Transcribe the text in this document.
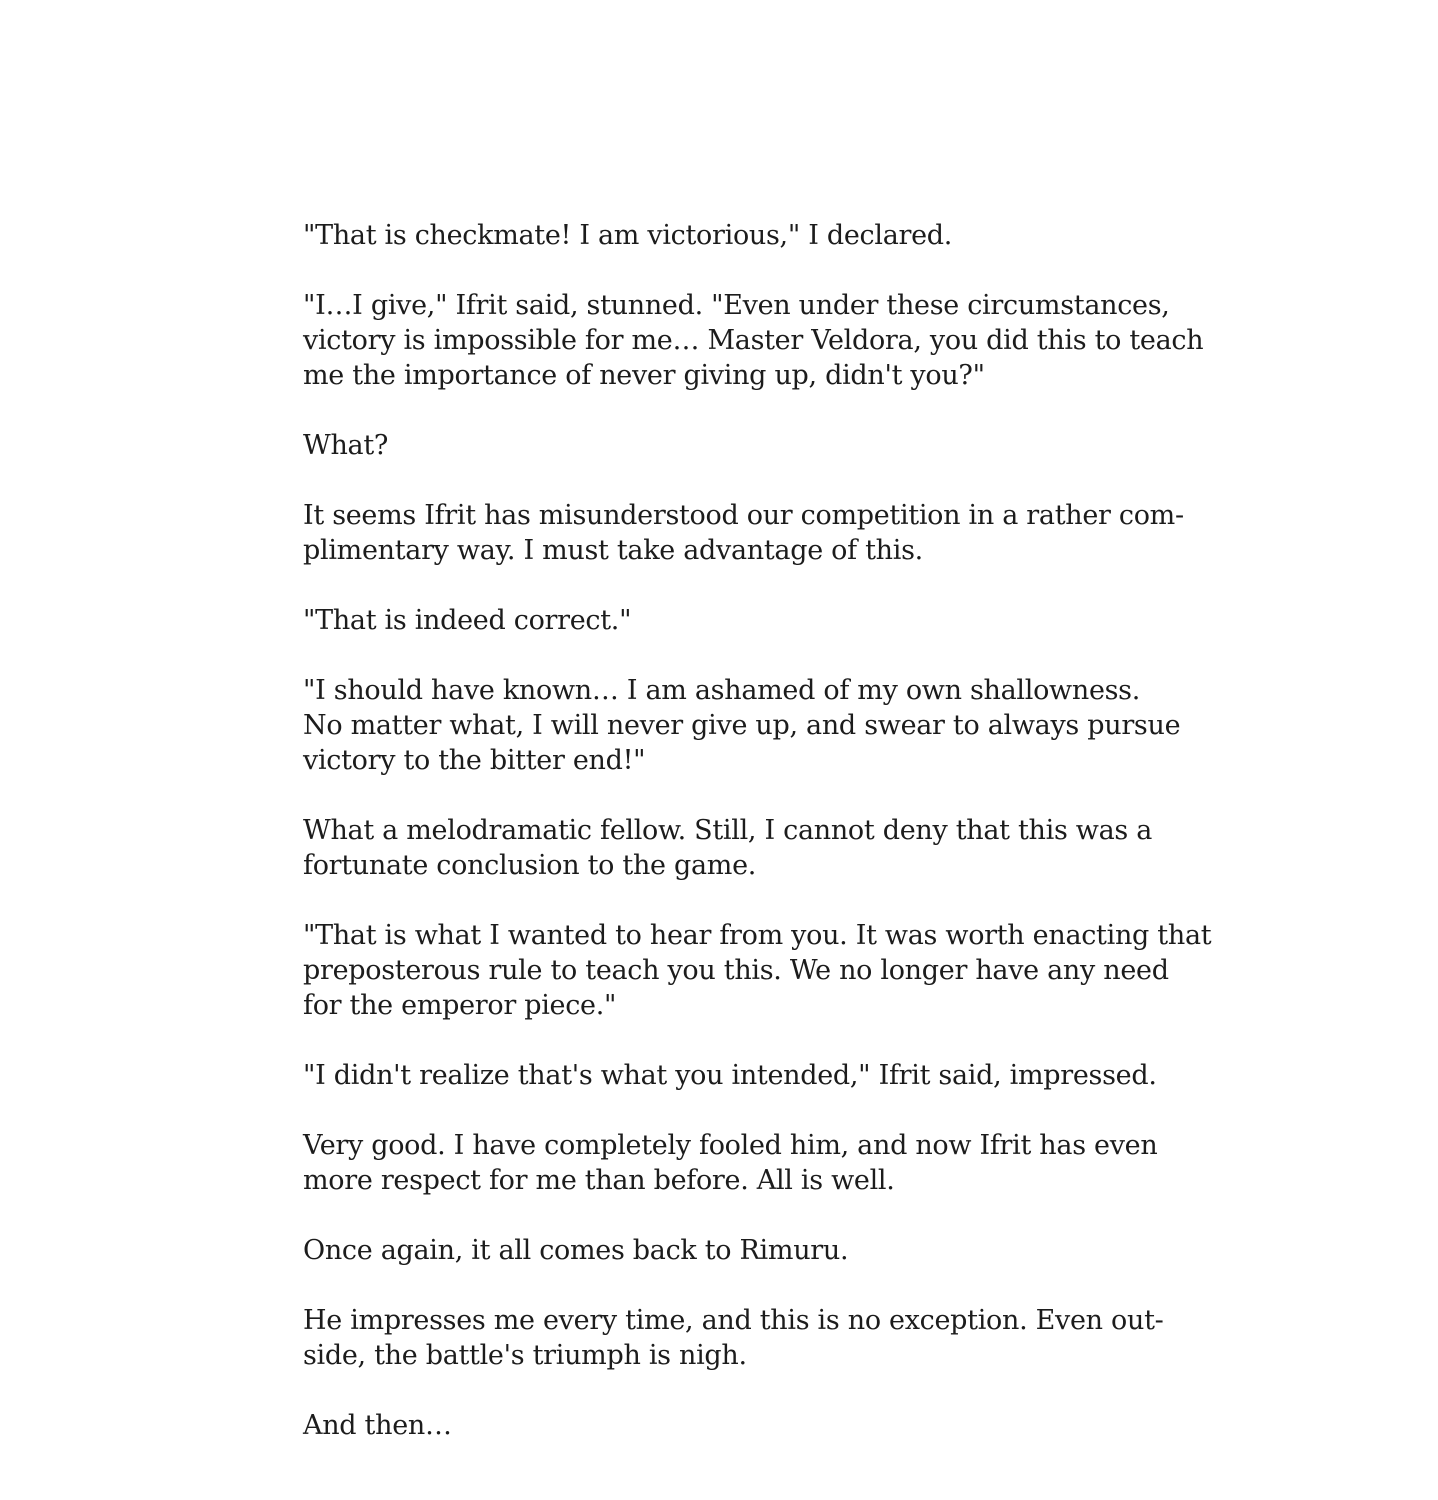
"That is checkmate! I am victorious," I declared.

"I…I give," Ifrit said, stunned. "Even under these circumstances,
victory is impossible for me… Master Veldora, you did this to teach
me the importance of never giving up, didn't you?"

What?

It seems Ifrit has misunderstood our competition in a rather com-
plimentary way. I must take advantage of this.

"That is indeed correct."

"I should have known… I am ashamed of my own shallowness.
No matter what, I will never give up, and swear to always pursue
victory to the bitter end!"

What a melodramatic fellow. Still, I cannot deny that this was a
fortunate conclusion to the game.

"That is what I wanted to hear from you. It was worth enacting that
preposterous rule to teach you this. We no longer have any need
for the emperor piece."

"I didn't realize that's what you intended," Ifrit said, impressed.

Very good. I have completely fooled him, and now Ifrit has even
more respect for me than before. All is well.

Once again, it all comes back to Rimuru.

He impresses me every time, and this is no exception. Even out-
side, the battle's triumph is nigh.

And then…
